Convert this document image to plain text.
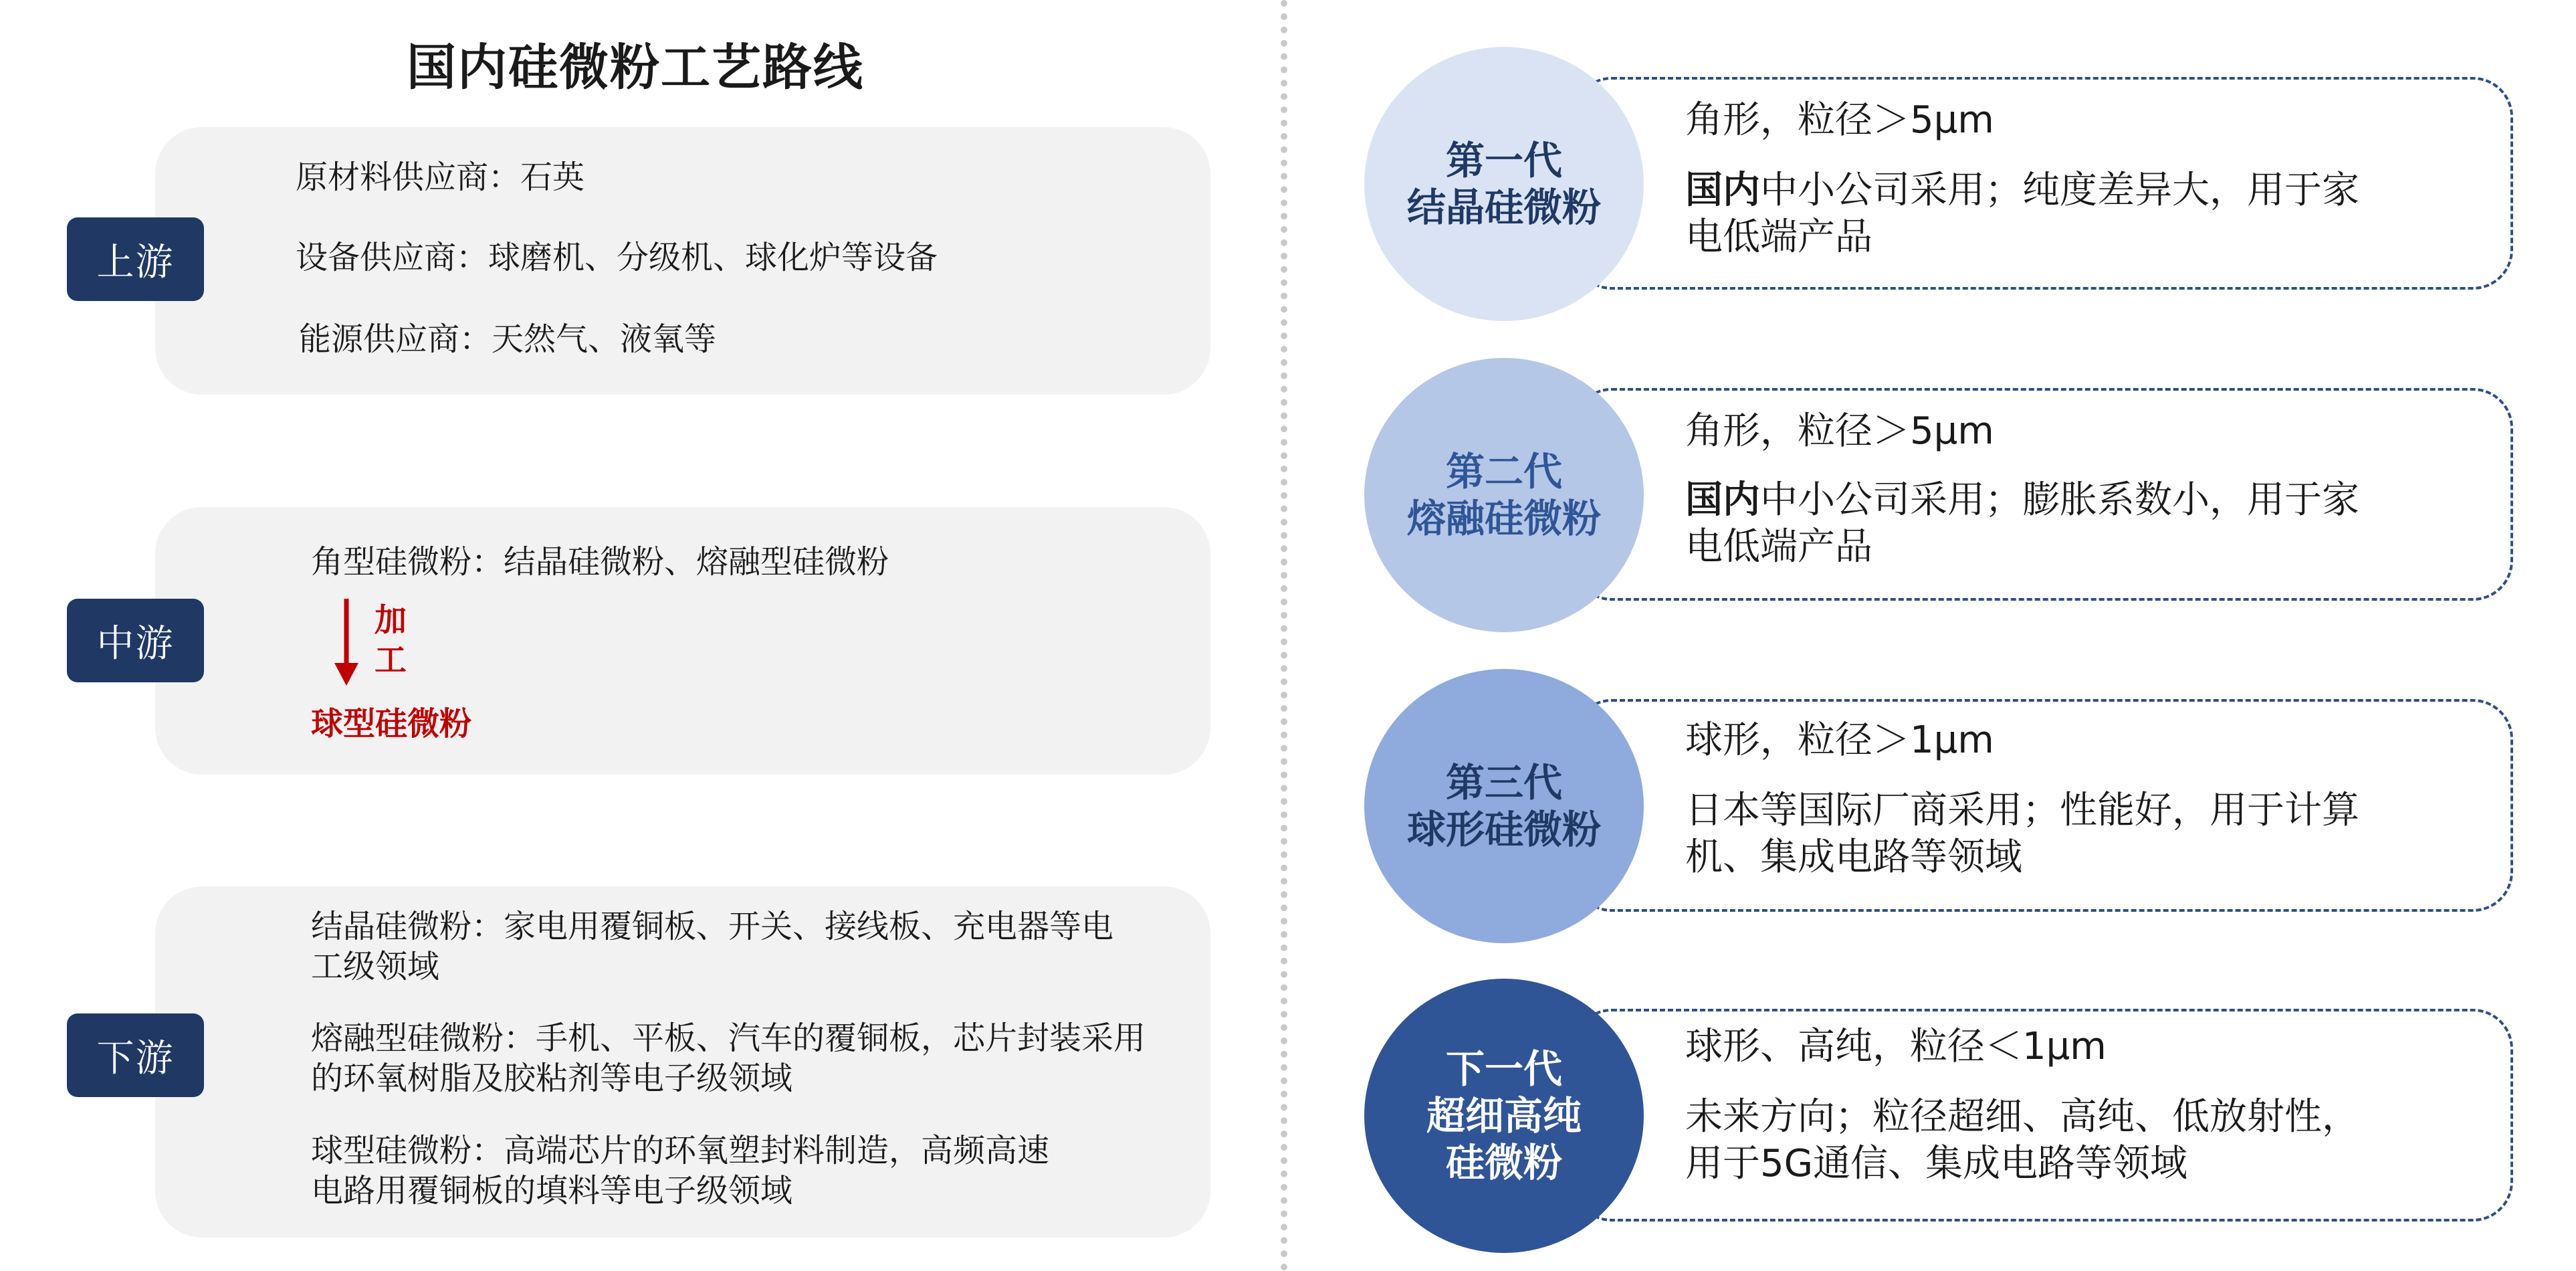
国内硅微粉工艺路线
上游
原材料供应商：石英
设备供应商：球磨机、分级机、球化炉等设备
能源供应商：天然气、液氧等
中游
角型硅微粉：结晶硅微粉、熔融型硅微粉
加
工
球型硅微粉
下游
结晶硅微粉：家电用覆铜板、开关、接线板、充电器等电
工级领域
熔融型硅微粉：手机、平板、汽车的覆铜板，芯片封装采用
的环氧树脂及胶粘剂等电子级领域
球型硅微粉：高端芯片的环氧塑封料制造，高频高速
电路用覆铜板的填料等电子级领域
第一代
结晶硅微粉
角形，粒径＞5μm
国内中小公司采用；纯度差异大，用于家
电低端产品
第二代
熔融硅微粉
角形，粒径＞5μm
国内中小公司采用；膨胀系数小，用于家
电低端产品
第三代
球形硅微粉
球形，粒径＞1μm
日本等国际厂商采用；性能好，用于计算
机、集成电路等领域
下一代
超细高纯
硅微粉
球形、高纯，粒径＜1μm
未来方向；粒径超细、高纯、低放射性，
用于5G通信、集成电路等领域
